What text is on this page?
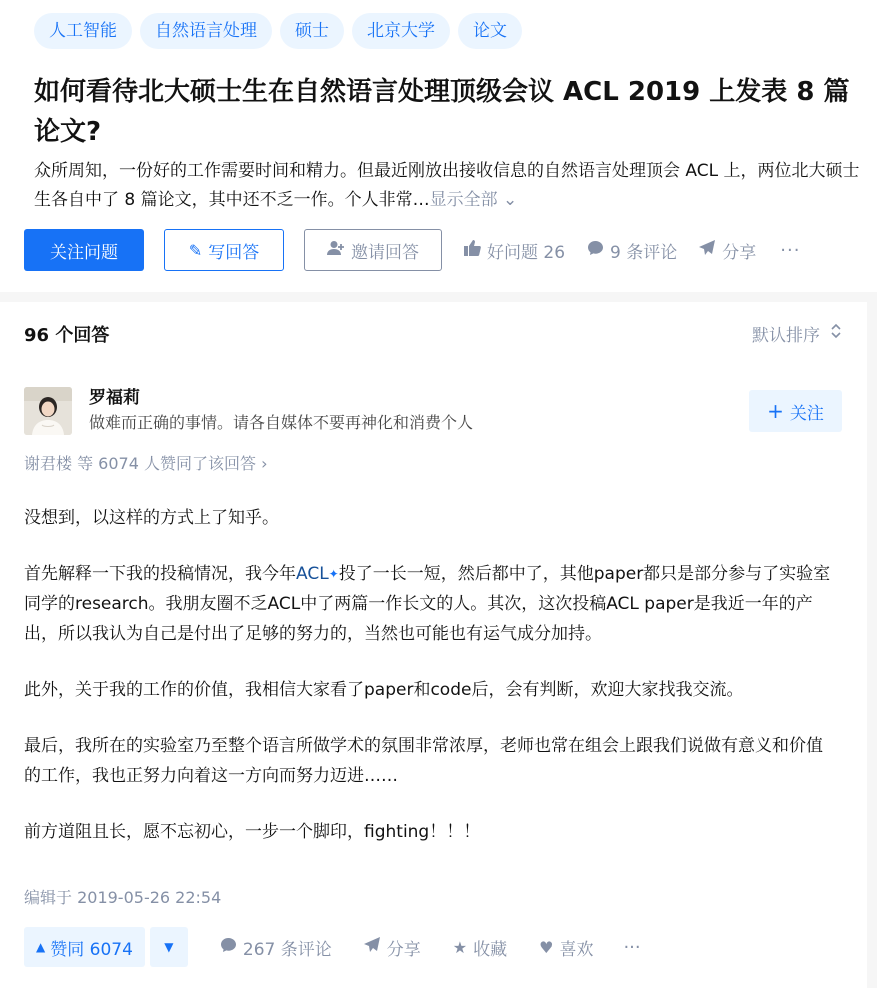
人工智能	自然语言处理	硕士	北京大学	论文
如何看待北大硕士生在自然语言处理顶级会议 ACL 2019 上发表 8 篇论文?
众所周知，一份好的工作需要时间和精力。但最近刚放出接收信息的自然语言处理顶会 ACL 上，两位北大硕士生各自中了 8 篇论文，其中还不乏一作。个人非常…显示全部 ⌄
关注问题	✎ 写回答	邀请回答	好问题 26	9 条评论	分享 ···
96 个回答	默认排序
罗福莉
做难而正确的事情。请各自媒体不要再神化和消费个人	+ 关注
谢君楼 等 6074 人赞同了该回答 ›

没想到，以这样的方式上了知乎。

首先解释一下我的投稿情况，我今年ACL✦投了一长一短，然后都中了，其他paper都只是部分参与了实验室同学的research。我朋友圈不乏ACL中了两篇一作长文的人。其次，这次投稿ACL paper是我近一年的产出，所以我认为自己是付出了足够的努力的，当然也可能也有运气成分加持。

此外，关于我的工作的价值，我相信大家看了paper和code后，会有判断，欢迎大家找我交流。

最后，我所在的实验室乃至整个语言所做学术的氛围非常浓厚，老师也常在组会上跟我们说做有意义和价值的工作，我也正努力向着这一方向而努力迈进……

前方道阻且长，愿不忘初心，一步一个脚印，fighting！！！

编辑于 2019-05-26 22:54
▲ 赞同 6074	▼	267 条评论	分享 ★ 收藏 ♥ 喜欢 ···
